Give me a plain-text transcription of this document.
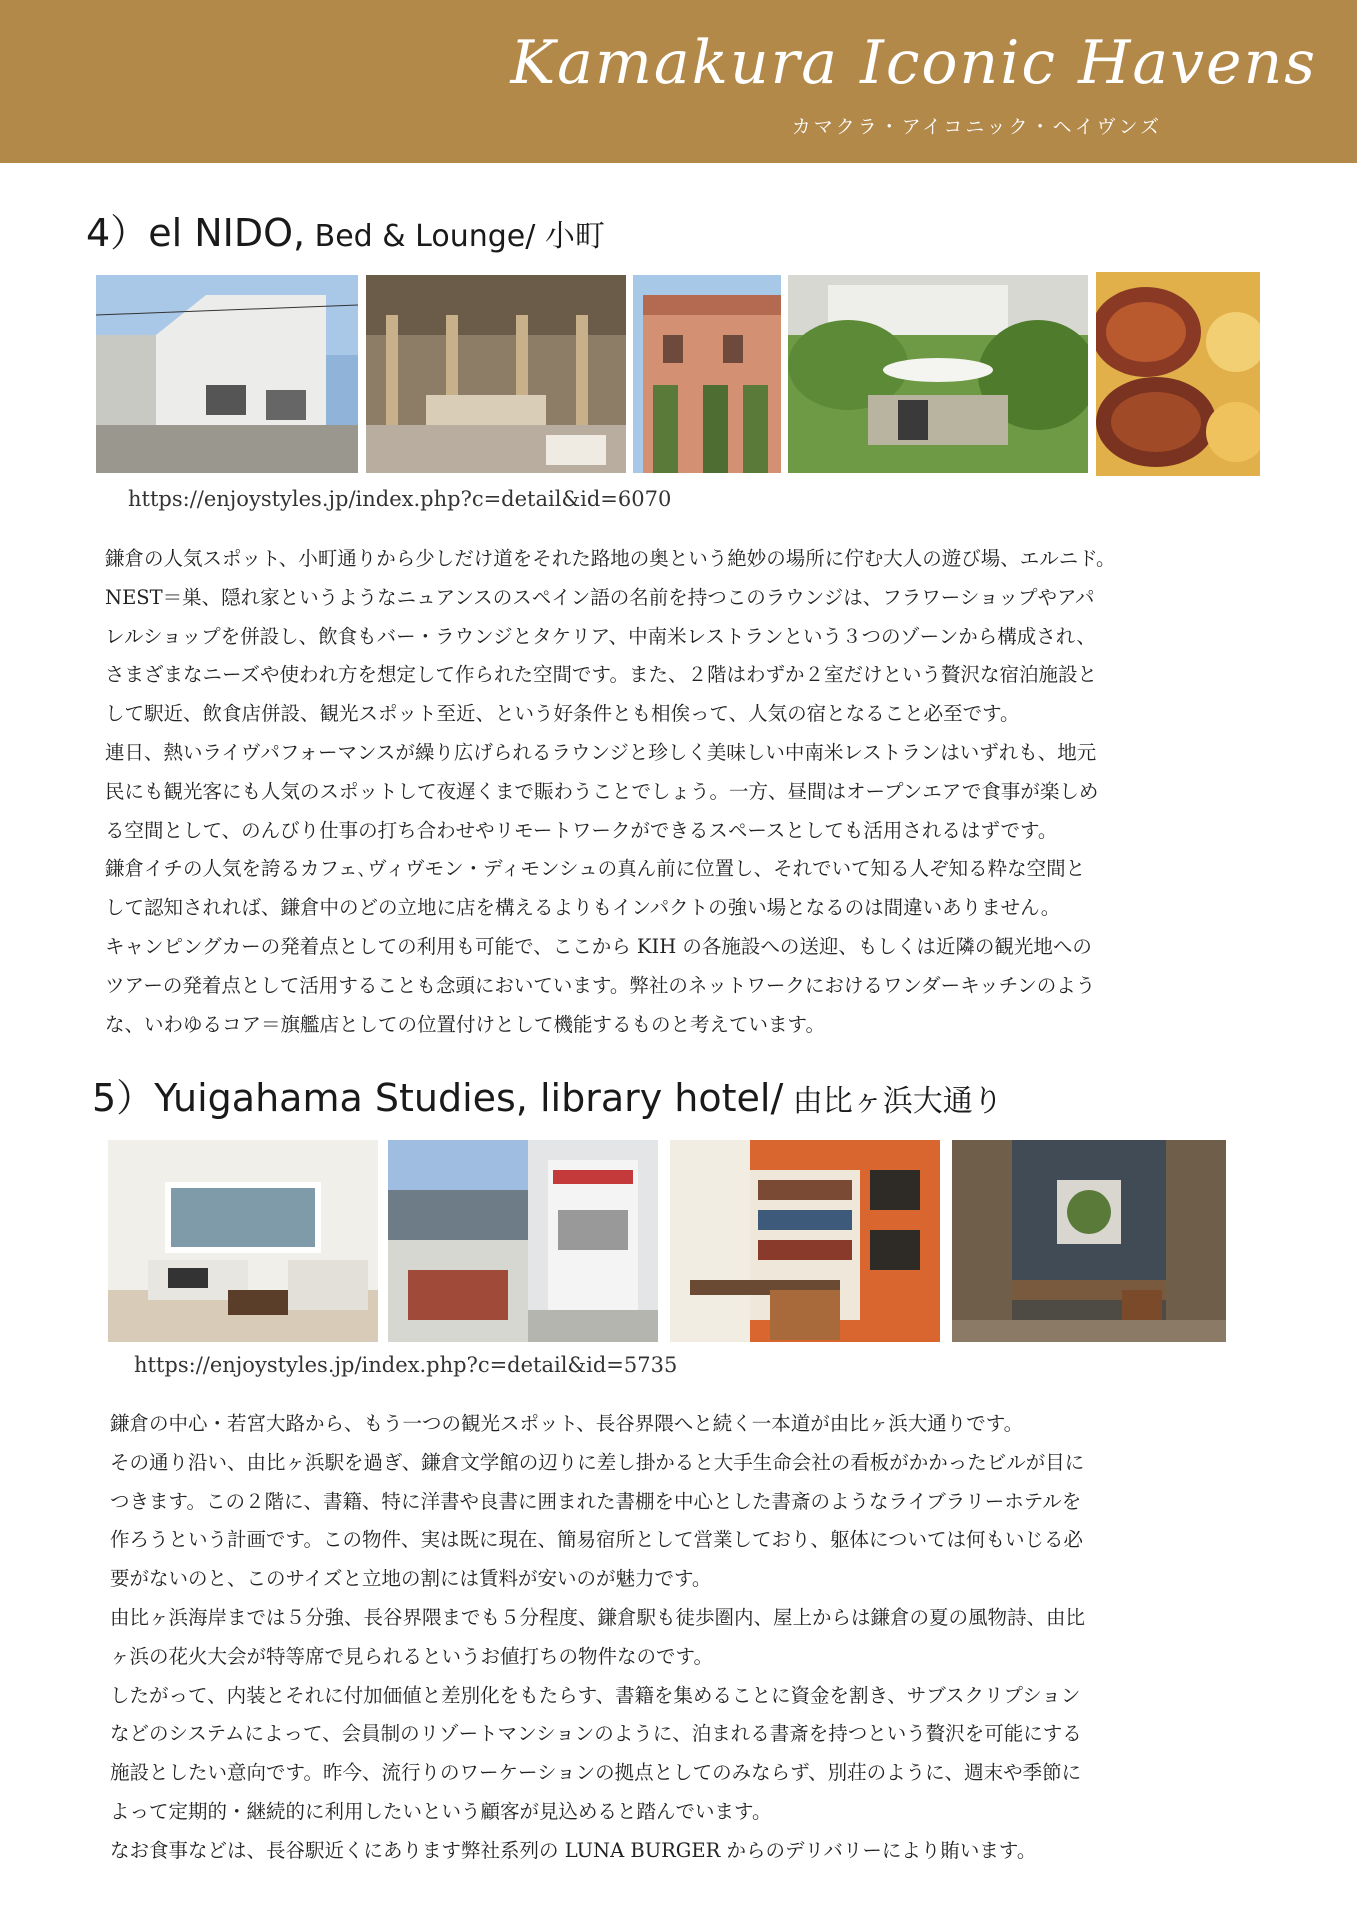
Kamakura Iconic Havens
カマクラ・アイコニック・ヘイヴンズ
4）el NIDO, Bed & Lounge/ 小町
https://enjoystyles.jp/index.php?c=detail&id=6070

鎌倉の人気スポット、小町通りから少しだけ道をそれた路地の奥という絶妙の場所に佇む大人の遊び場、エルニド。

NEST＝巣、隠れ家というようなニュアンスのスペイン語の名前を持つこのラウンジは、フラワーショップやアパ

レルショップを併設し、飲食もバー・ラウンジとタケリア、中南米レストランという３つのゾーンから構成され、

さまざまなニーズや使われ方を想定して作られた空間です。また、２階はわずか２室だけという贅沢な宿泊施設と

して駅近、飲食店併設、観光スポット至近、という好条件とも相俟って、人気の宿となること必至です。

連日、熱いライヴパフォーマンスが繰り広げられるラウンジと珍しく美味しい中南米レストランはいずれも、地元

民にも観光客にも人気のスポットして夜遅くまで賑わうことでしょう。一方、昼間はオープンエアで食事が楽しめ

る空間として、のんびり仕事の打ち合わせやリモートワークができるスペースとしても活用されるはずです。

鎌倉イチの人気を誇るカフェ､ヴィヴモン・ディモンシュの真ん前に位置し、それでいて知る人ぞ知る粋な空間と

して認知されれば、鎌倉中のどの立地に店を構えるよりもインパクトの強い場となるのは間違いありません。

キャンピングカーの発着点としての利用も可能で、ここから KIH の各施設への送迎、もしくは近隣の観光地への

ツアーの発着点として活用することも念頭においています。弊社のネットワークにおけるワンダーキッチンのよう

な、いわゆるコア＝旗艦店としての位置付けとして機能するものと考えています。

5）Yuigahama Studies, library hotel/ 由比ヶ浜大通り
https://enjoystyles.jp/index.php?c=detail&id=5735

鎌倉の中心・若宮大路から、もう一つの観光スポット、長谷界隈へと続く一本道が由比ヶ浜大通りです。

その通り沿い、由比ヶ浜駅を過ぎ、鎌倉文学館の辺りに差し掛かると大手生命会社の看板がかかったビルが目に

つきます。この２階に、書籍、特に洋書や良書に囲まれた書棚を中心とした書斎のようなライブラリーホテルを

作ろうという計画です。この物件、実は既に現在、簡易宿所として営業しており、躯体については何もいじる必

要がないのと、このサイズと立地の割には賃料が安いのが魅力です。

由比ヶ浜海岸までは５分強、長谷界隈までも５分程度、鎌倉駅も徒歩圏内、屋上からは鎌倉の夏の風物詩、由比

ヶ浜の花火大会が特等席で見られるというお値打ちの物件なのです。

したがって、内装とそれに付加価値と差別化をもたらす、書籍を集めることに資金を割き、サブスクリプション

などのシステムによって、会員制のリゾートマンションのように、泊まれる書斎を持つという贅沢を可能にする

施設としたい意向です。昨今、流行りのワーケーションの拠点としてのみならず、別荘のように、週末や季節に

よって定期的・継続的に利用したいという顧客が見込めると踏んでいます。

なお食事などは、長谷駅近くにあります弊社系列の LUNA BURGER からのデリバリーにより賄います。
